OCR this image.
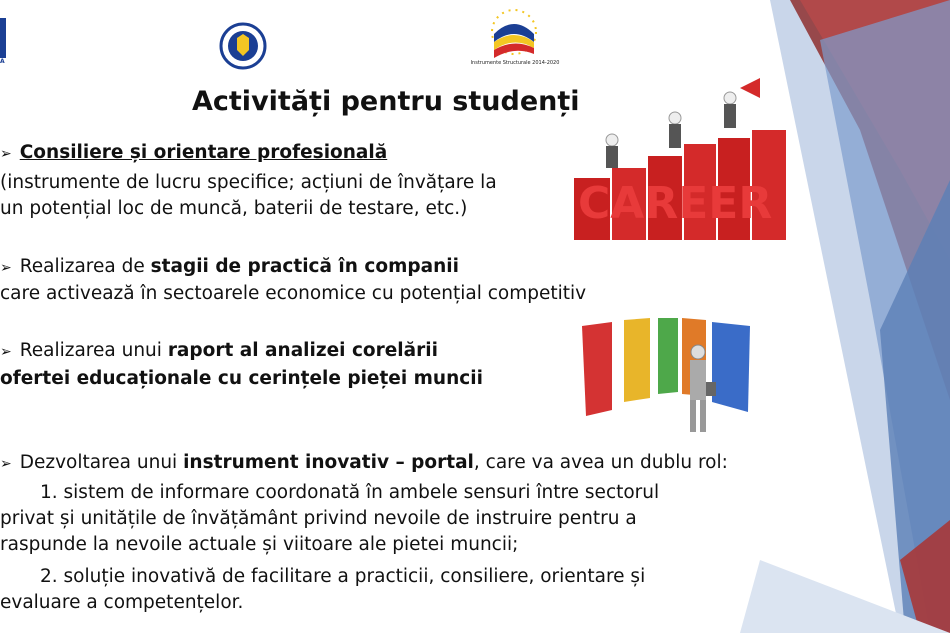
A	Instrumente Structurale 2014-2020
Activități pentru studenți
➢ Consiliere și orientare profesională
(instrumente de lucru specifice; acțiuni de învățare la
un potențial loc de muncă, baterii de testare, etc.)
➢ Realizarea de stagii de practică în companii
care activează în sectoarele economice cu potențial competitiv
➢ Realizarea unui raport al analizei corelării
ofertei educaționale cu cerințele pieței muncii
➢ Dezvoltarea unui instrument inovativ – portal, care va avea un dublu rol:
1. sistem de informare coordonată în ambele sensuri între sectorul
privat și unitățile de învățământ privind nevoile de instruire pentru a
raspunde la nevoile actuale și viitoare ale pietei muncii;
2. soluție inovativă de facilitare a practicii, consiliere, orientare și
evaluare a competențelor.
CAREER
